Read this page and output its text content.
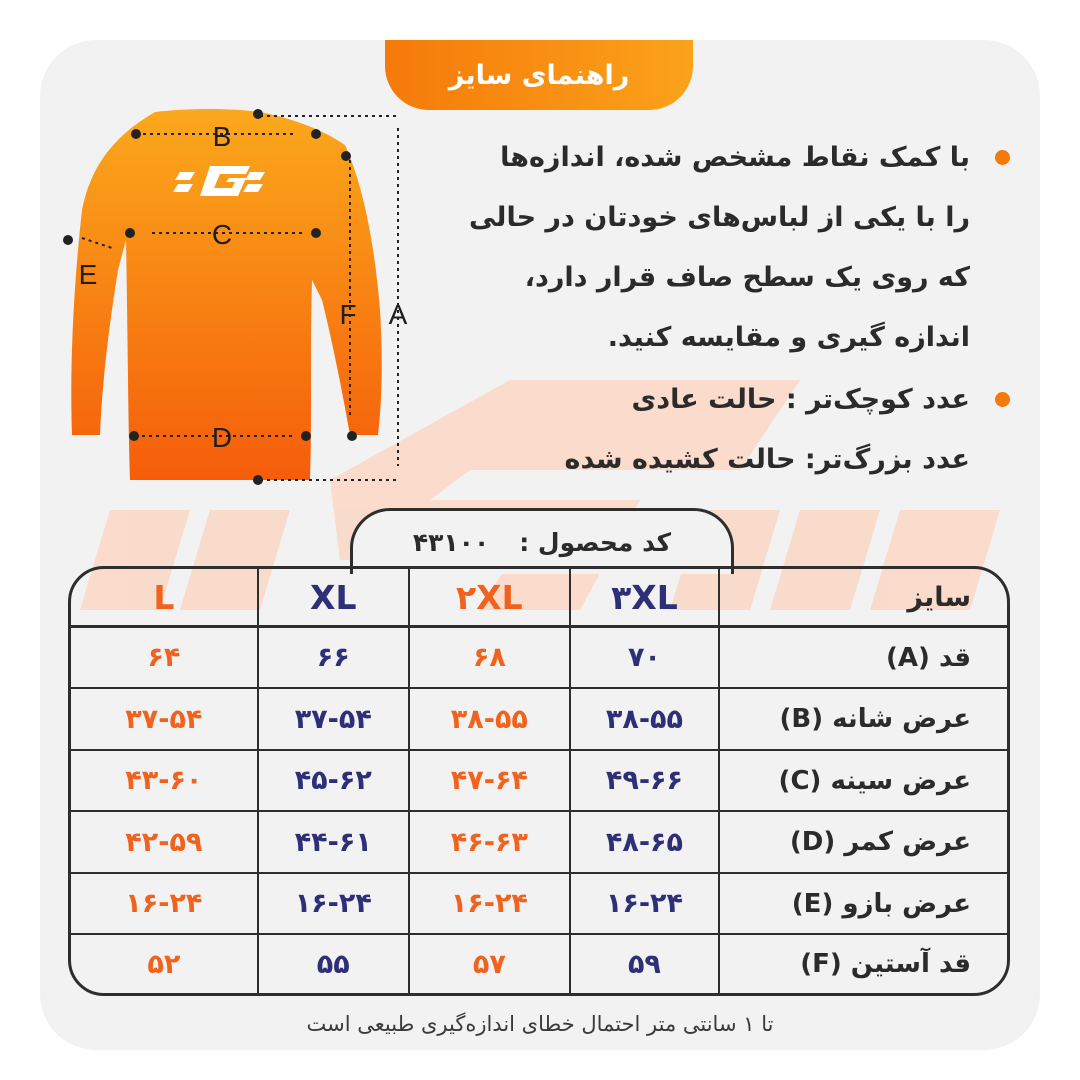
راهنمای سایز
B
C
D
E
F A

با کمک نقاط مشخص شده، اندازه‌ها

را با یکی از لباس‌های خودتان در حالی

که روی یک سطح صاف قرار دارد،

اندازه گیری و مقایسه کنید.

عدد کوچک‌تر : حالت عادی

عدد بزرگ‌تر: حالت کشیده شده

کد محصول :
۴۳۱۰۰
L	XL	۲XL	۳XL	سایز
۶۴	۶۶	۶۸	۷۰	قد (A)
۳۷-۵۴	۳۷-۵۴	۳۸-۵۵	۳۸-۵۵	عرض شانه (B)
۴۳-۶۰	۴۵-۶۲	۴۷-۶۴	۴۹-۶۶	عرض سینه (C)
۴۲-۵۹	۴۴-۶۱	۴۶-۶۳	۴۸-۶۵	عرض کمر (D)
۱۶-۲۴	۱۶-۲۴	۱۶-۲۴	۱۶-۲۴	عرض بازو (E)
۵۲	۵۵	۵۷	۵۹	قد آستین (F)
تا ۱ سانتی متر احتمال خطای اندازه‌گیری طبیعی است
